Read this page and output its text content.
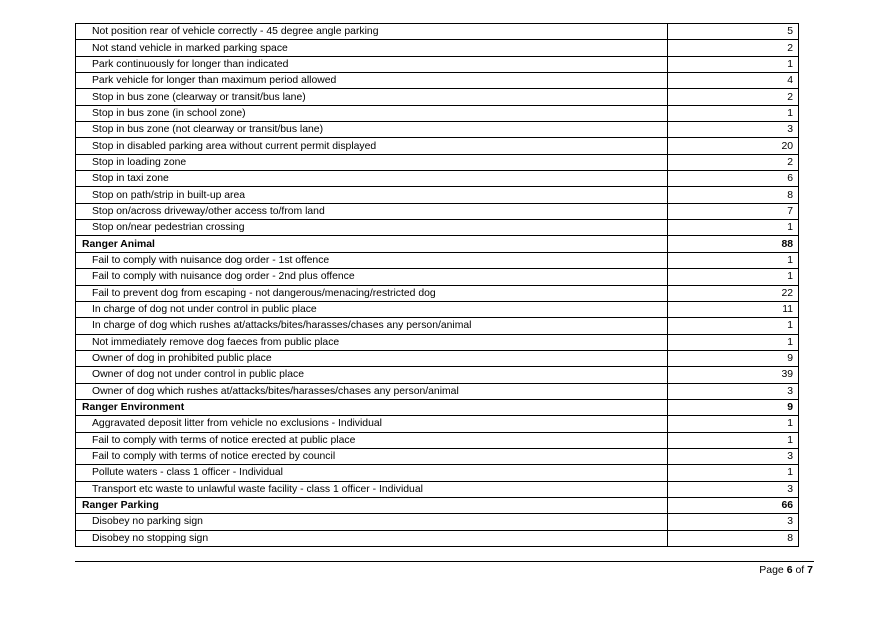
Not position rear of vehicle correctly - 45 degree angle parking	5
Not stand vehicle in marked parking space	2
Park continuously for longer than indicated	1
Park vehicle for longer than maximum period allowed	4
Stop in bus zone (clearway or transit/bus lane)	2
Stop in bus zone (in school zone)	1
Stop in bus zone (not clearway or transit/bus lane)	3
Stop in disabled parking area without current permit displayed	20
Stop in loading zone	2
Stop in taxi zone	6
Stop on path/strip in built-up area	8
Stop on/across driveway/other access to/from land	7
Stop on/near pedestrian crossing	1
Ranger Animal	88
Fail to comply with nuisance dog order - 1st offence	1
Fail to comply with nuisance dog order - 2nd plus offence	1
Fail to prevent dog from escaping - not dangerous/menacing/restricted dog	22
In charge of dog not under control in public place	11
In charge of dog which rushes at/attacks/bites/harasses/chases any person/animal	1
Not immediately remove dog faeces from public place	1
Owner of dog in prohibited public place	9
Owner of dog not under control in public place	39
Owner of dog which rushes at/attacks/bites/harasses/chases any person/animal	3
Ranger Environment	9
Aggravated deposit litter from vehicle no exclusions - Individual	1
Fail to comply with terms of notice erected at public place	1
Fail to comply with terms of notice erected by council	3
Pollute waters - class 1 officer - Individual	1
Transport etc waste to unlawful waste facility - class 1 officer - Individual	3
Ranger Parking	66
Disobey no parking sign	3
Disobey no stopping sign	8
Page 6 of 7
